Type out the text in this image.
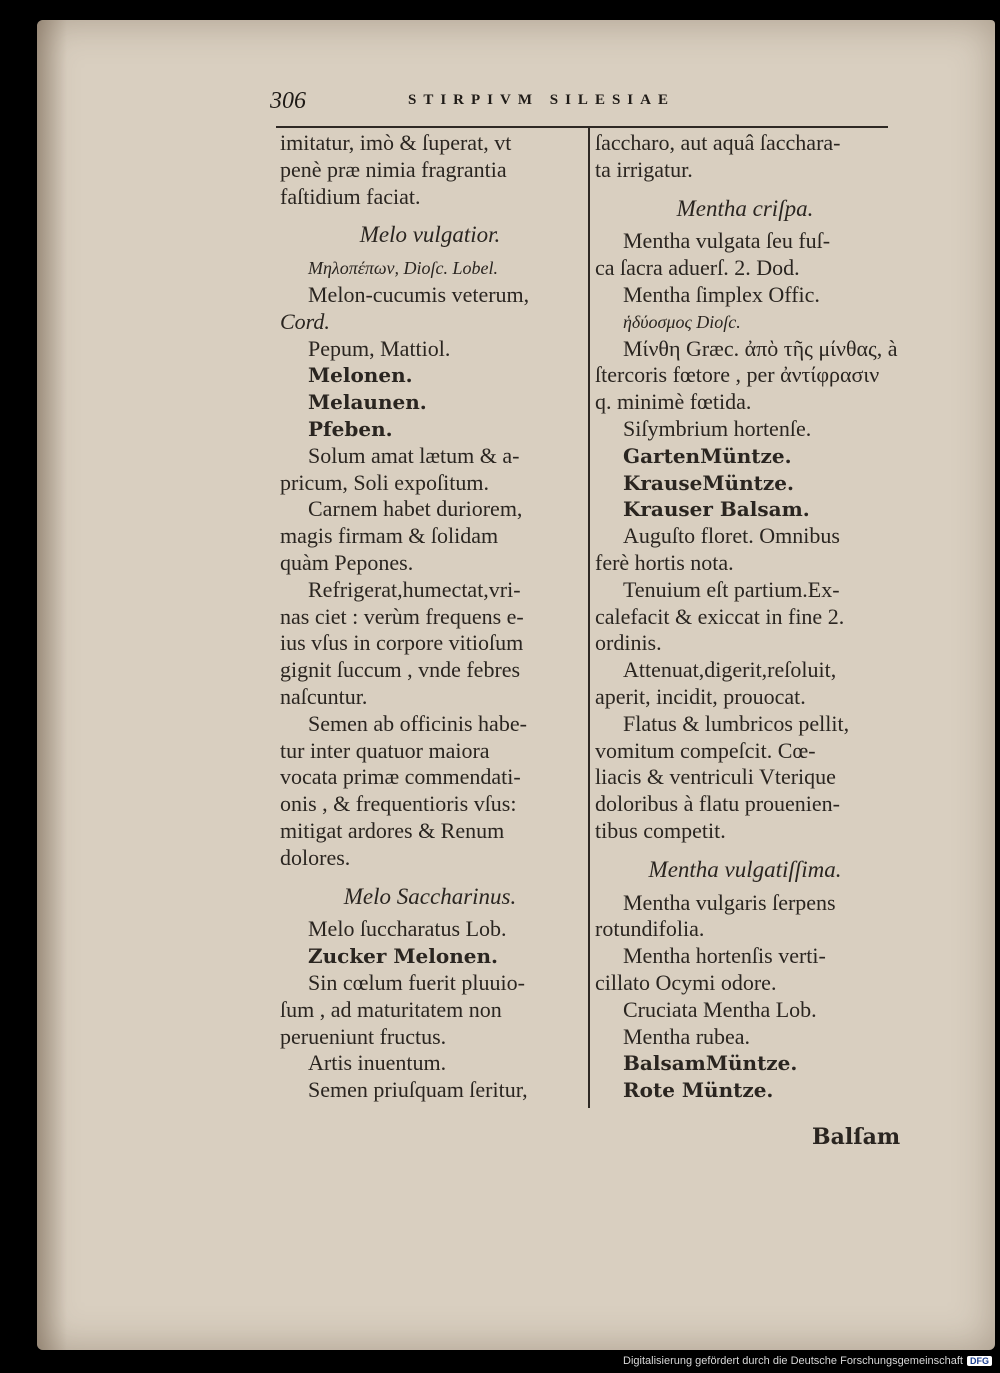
306	STIRPIVM SILESIAE
imitatur, imò & ſuperat, vt
penè præ nimia fragrantia
faſtidium faciat.
Melo vulgatior.
Μηλοπέπων, Dioſc. Lobel.
Melon-cucumis veterum,
Cord.
Pepum, Mattiol.
Melonen.
Melaunen.
Pfeben.
Solum amat lætum & a-
pricum, Soli expoſitum.
Carnem habet duriorem,
magis firmam & ſolidam
quàm Pepones.
Refrigerat,humectat,vri-
nas ciet : verùm frequens e-
ius vſus in corpore vitioſum
gignit ſuccum , vnde febres
naſcuntur.
Semen ab officinis habe-
tur inter quatuor maiora
vocata primæ commendati-
onis , & frequentioris vſus:
mitigat ardores & Renum
dolores.
Melo Saccharinus.
Melo ſuccharatus Lob.
Zucker Melonen.
Sin cœlum fuerit pluuio-
ſum , ad maturitatem non
perueniunt fructus.
Artis inuentum.
Semen priuſquam ſeritur,
ſaccharo, aut aquâ ſacchara-
ta irrigatur.
Mentha criſpa.
Mentha vulgata ſeu fuſ-
ca ſacra aduerſ. 2. Dod.
Mentha ſimplex Offic.
ἡδύοσμος Dioſc.
Μίνθη Græc. ἀπὸ τῆς μίνθας, à
ſtercoris fœtore , per ἀντίφρασιν
q. minimè fœtida.
Siſymbrium hortenſe.
GartenMüntze.
KrauseMüntze.
Krauser Balsam.
Auguſto floret. Omnibus
ferè hortis nota.
Tenuium eſt partium.Ex-
calefacit & exiccat in fine 2.
ordinis.
Attenuat,digerit,reſoluit,
aperit, incidit, prouocat.
Flatus & lumbricos pellit,
vomitum compeſcit. Cœ-
liacis & ventriculi Vterique
doloribus à flatu prouenien-
tibus competit.
Mentha vulgatiſſima.
Mentha vulgaris ſerpens
rotundifolia.
Mentha hortenſis verti-
cillato Ocymi odore.
Cruciata Mentha Lob.
Mentha rubea.
BalsamMüntze.
Rote Müntze.
Balſam
Digitalisierung gefördert durch die Deutsche Forschungsgemeinschaft DFG
